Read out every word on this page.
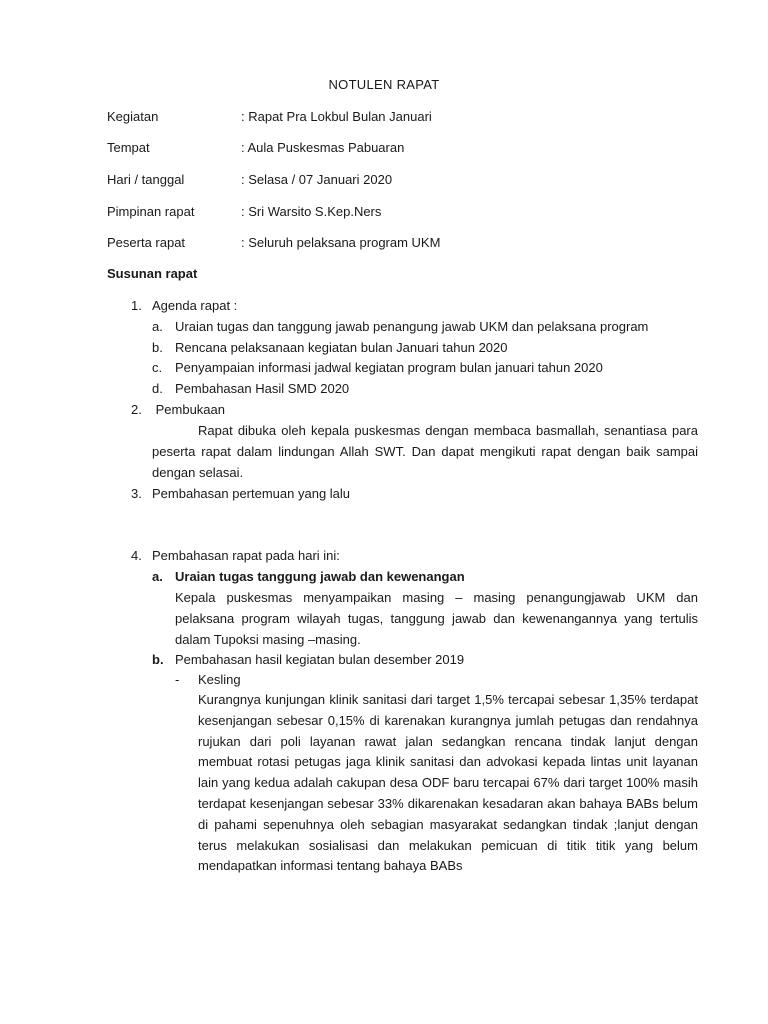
NOTULEN RAPAT
Kegiatan	: Rapat Pra Lokbul Bulan Januari
Tempat	: Aula Puskesmas Pabuaran
Hari / tanggal	: Selasa / 07 Januari 2020
Pimpinan rapat	: Sri Warsito S.Kep.Ners
Peserta rapat	: Seluruh pelaksana program UKM
Susunan rapat
1. Agenda rapat :
a. Uraian tugas dan tanggung jawab penangung jawab UKM dan pelaksana program
b. Rencana pelaksanaan kegiatan bulan Januari tahun 2020
c. Penyampaian informasi jadwal kegiatan program bulan januari tahun 2020
d. Pembahasan Hasil SMD 2020
2. Pembukaan
Rapat dibuka oleh kepala puskesmas dengan membaca basmallah, senantiasa para peserta rapat dalam lindungan Allah SWT. Dan dapat mengikuti rapat dengan baik sampai dengan selasai.
3. Pembahasan pertemuan yang lalu
4. Pembahasan rapat pada hari ini:
a. Uraian tugas tanggung jawab dan kewenangan
Kepala puskesmas menyampaikan masing – masing penangungjawab UKM dan pelaksana program wilayah tugas, tanggung jawab dan kewenangannya yang tertulis dalam Tupoksi masing –masing.
b. Pembahasan hasil kegiatan bulan desember 2019
- Kesling
Kurangnya kunjungan klinik sanitasi dari target 1,5% tercapai sebesar 1,35% terdapat kesenjangan sebesar 0,15% di karenakan kurangnya jumlah petugas dan rendahnya rujukan dari poli layanan rawat jalan sedangkan rencana tindak lanjut dengan membuat rotasi petugas jaga klinik sanitasi dan advokasi kepada lintas unit layanan lain yang kedua adalah cakupan desa ODF baru tercapai 67% dari target 100% masih terdapat kesenjangan sebesar 33% dikarenakan kesadaran akan bahaya BABs belum di pahami sepenuhnya oleh sebagian masyarakat sedangkan tindak ;lanjut dengan terus melakukan sosialisasi dan melakukan pemicuan di titik titik yang belum mendapatkan informasi tentang bahaya BABs
